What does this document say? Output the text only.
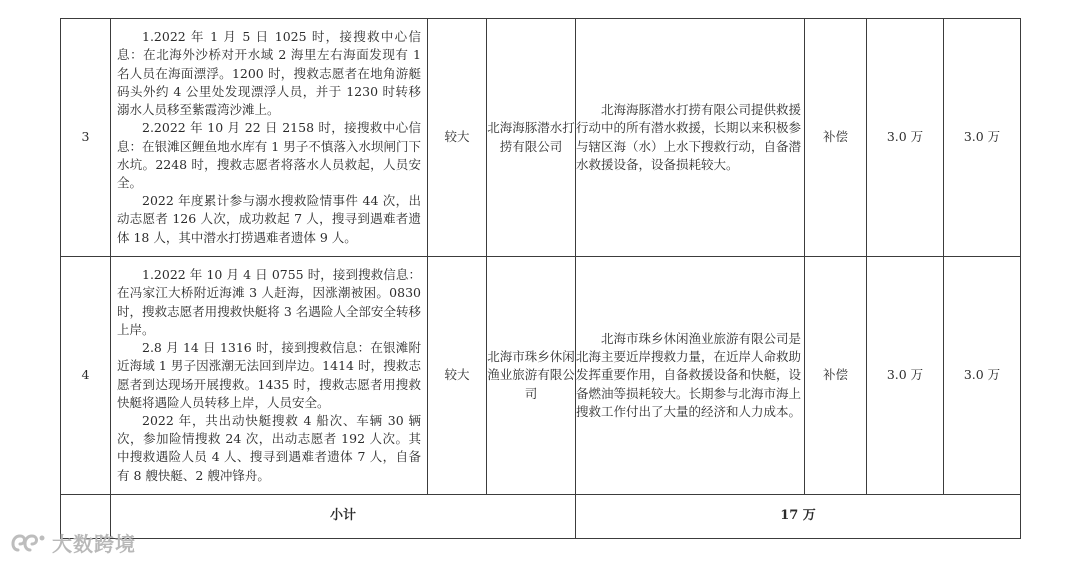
3	1.2022 年 1 月 5 日 1025 时，接搜救中心信息：在北海外沙桥对开水域 2 海里左右海面发现有 1 名人员在海面漂浮。1200 时，搜救志愿者在地角游艇码头外约 4 公里处发现漂浮人员，并于 1230 时转移溺水人员移至紫霞湾沙滩上。

2.2022 年 10 月 22 日 2158 时，接搜救中心信息：在银滩区鲤鱼地水库有 1 男子不慎落入水坝闸门下水坑。2248 时，搜救志愿者将落水人员救起，人员安全。

2022 年度累计参与溺水搜救险情事件 44 次，出动志愿者 126 人次，成功救起 7 人，搜寻到遇难者遗体 18 人，其中潜水打捞遇难者遗体 9 人。	较大	北海海豚潜水打捞有限公司	北海海豚潜水打捞有限公司提供救援行动中的所有潜水救援，长期以来积极参与辖区海（水）上水下搜救行动，自备潜水救援设备，设备损耗较大。	补偿	3.0 万	3.0 万
4	1.2022 年 10 月 4 日 0755 时，接到搜救信息：在冯家江大桥附近海滩 3 人赶海，因涨潮被困。0830 时，搜救志愿者用搜救快艇将 3 名遇险人全部安全转移上岸。

2.8 月 14 日 1316 时，接到搜救信息：在银滩附近海域 1 男子因涨潮无法回到岸边。1414 时，搜救志愿者到达现场开展搜救。1435 时，搜救志愿者用搜救快艇将遇险人员转移上岸，人员安全。

2022 年，共出动快艇搜救 4 船次、车辆 30 辆次，参加险情搜救 24 次，出动志愿者 192 人次。其中搜救遇险人员 4 人、搜寻到遇难者遗体 7 人，自备有 8 艘快艇、2 艘冲锋舟。	较大	北海市珠乡休闲渔业旅游有限公司	北海市珠乡休闲渔业旅游有限公司是北海主要近岸搜救力量，在近岸人命救助发挥重要作用，自备救援设备和快艇，设备燃油等损耗较大。长期参与北海市海上搜救工作付出了大量的经济和人力成本。	补偿	3.0 万	3.0 万
	小计			17 万			
大数跨境
